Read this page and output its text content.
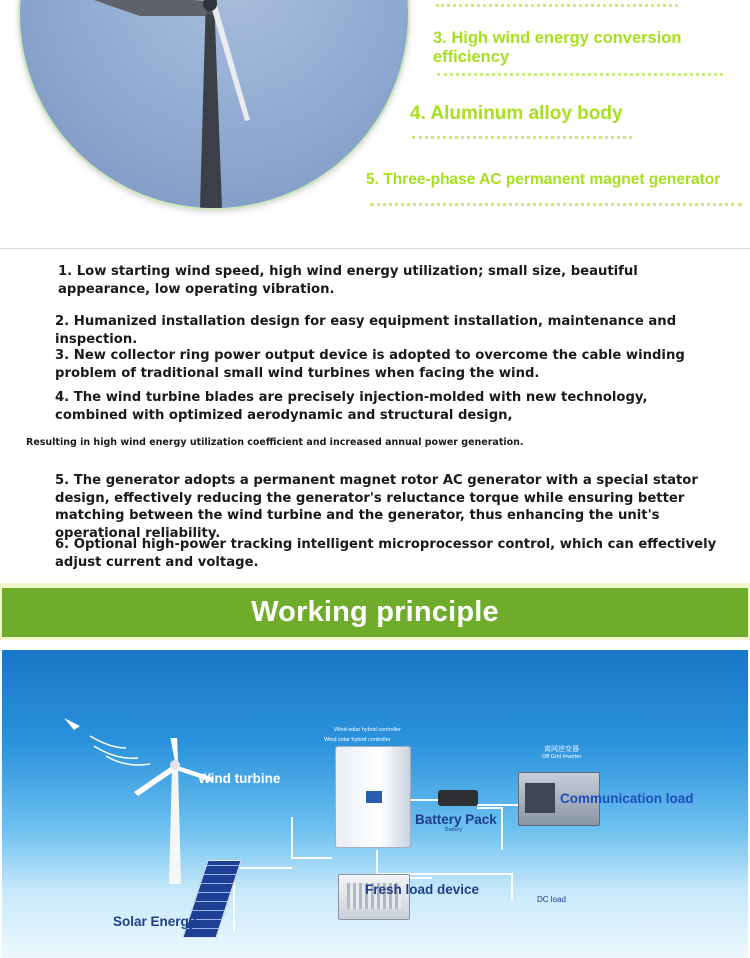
3. High wind energy conversion efficiency
4. Aluminum alloy body
5. Three-phase AC permanent magnet generator
1. Low starting wind speed, high wind energy utilization; small size, beautiful appearance, low operating vibration.
2. Humanized installation design for easy equipment installation, maintenance and inspection.
3. New collector ring power output device is adopted to overcome the cable winding problem of traditional small wind turbines when facing the wind.
4. The wind turbine blades are precisely injection-molded with new technology, combined with optimized aerodynamic and structural design,
Resulting in high wind energy utilization coefficient and increased annual power generation.
5. The generator adopts a permanent magnet rotor AC generator with a special stator design, effectively reducing the generator's reluctance torque while ensuring better matching between the wind turbine and the generator, thus enhancing the unit's operational reliability.
6. Optional high-power tracking intelligent microprocessor control, which can effectively adjust current and voltage.
Working principle
Wind turbine
Wind-solar hybrid controller
Wind solar hybrid controller
Battery Pack
Battery
离网逆变器
Off Grid Inverter
Communication load
Fresh load device
DC load
Solar Energy
